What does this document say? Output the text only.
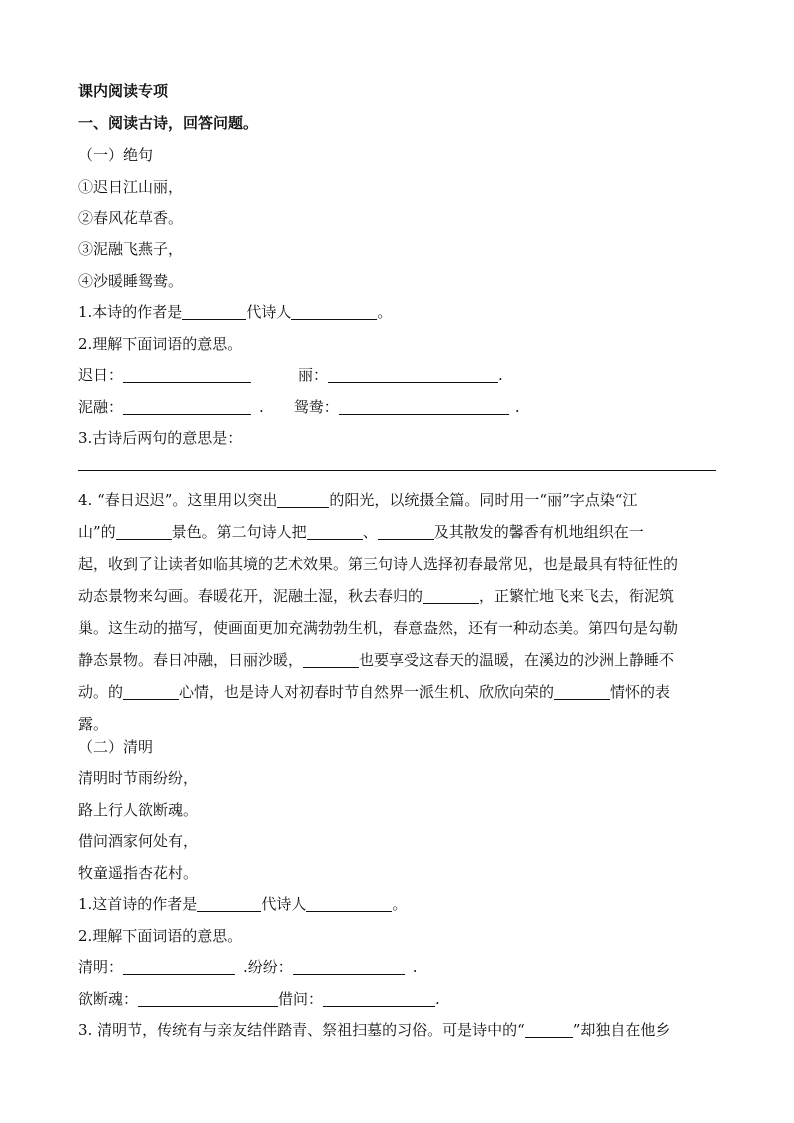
课内阅读专项
一、阅读古诗，回答问题。
（一）绝句
①迟日江山丽，
②春风花草香。
③泥融飞燕子，
④沙暖睡鸳鸯。
1.本诗的作者是	代诗人	。
2.理解下面词语的意思。
迟日：	丽：	.
泥融：	. 鸳鸯：	.
3.古诗后两句的意思是：
4. “春日迟迟”。这里用以突出	的阳光，以统摄全篇。同时用一“丽”字点染“江
山”的	景色。第二句诗人把	、	及其散发的馨香有机地组织在一
起，收到了让读者如临其境的艺术效果。第三句诗人选择初春最常见，也是最具有特征性的
动态景物来勾画。春暖花开，泥融土湿，秋去春归的	，正繁忙地飞来飞去，衔泥筑
巢。这生动的描写，使画面更加充满勃勃生机，春意盎然，还有一种动态美。第四句是勾勒
静态景物。春日冲融，日丽沙暖，	也要享受这春天的温暖，在溪边的沙洲上静睡不
动。的	心情，也是诗人对初春时节自然界一派生机、欣欣向荣的	情怀的表
露。
（二）清明
清明时节雨纷纷，
路上行人欲断魂。
借问酒家何处有，
牧童遥指杏花村。
1.这首诗的作者是	代诗人	。
2.理解下面词语的意思。
清明：	.纷纷：	.
欲断魂：	借问：	.
3. 清明节，传统有与亲友结伴踏青、祭祖扫墓的习俗。可是诗中的“	”却独自在他乡
